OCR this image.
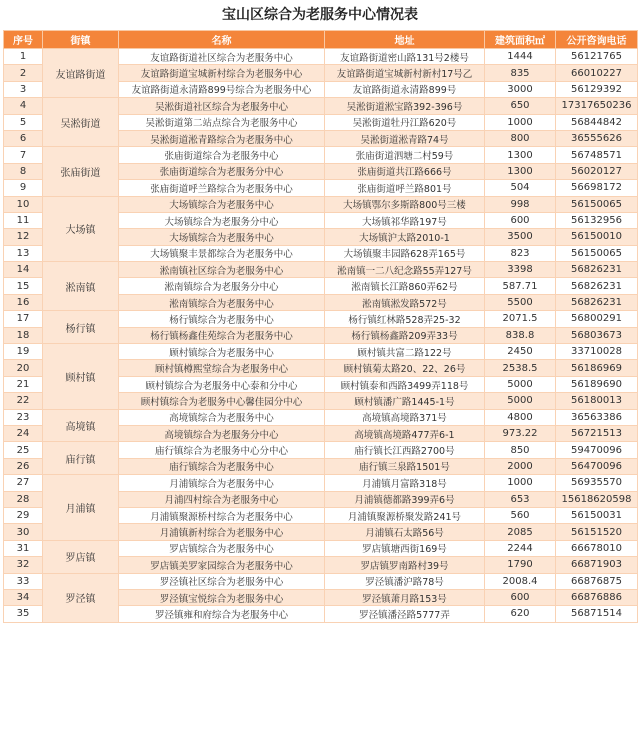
宝山区综合为老服务中心情况表
序号	街镇	名称	地址	建筑面积㎡	公开咨询电话
1	友谊路街道	友谊路街道社区综合为老服务中心	友谊路街道密山路131号2楼号	1444	56121765
2		友谊路街道宝城新村综合为老服务中心	友谊路街道宝城新村新村17号乙	835	66010227
3		友谊路街道永清路899号综合为老服务中心	友谊路街道永清路899号	3000	56129392
4	吴淞街道	吴淞街道社区综合为老服务中心	吴淞街道淞宝路392-396号	650	17317650236
5		吴淞街道第二站点综合为老服务中心	吴淞街道牡丹江路620号	1000	56844842
6		吴淞街道淞青路综合为老服务中心	吴淞街道淞青路74号	800	36555626
7	张庙街道	张庙街道综合为老服务中心	张庙街道泗塘二村59号	1300	56748571
8		张庙街道综合为老服务分中心	张庙街道共江路666号	1300	56020127
9		张庙街道呼兰路综合为老服务中心	张庙街道呼兰路801号	504	56698172
10	大场镇	大场镇综合为老服务中心	大场镇鄂尔多斯路800号三楼	998	56150065
11		大场镇综合为老服务分中心	大场镇祁华路197号	600	56132956
12		大场镇综合为老服务中心	大场镇沪太路2010-1	3500	56150010
13		大场镇聚丰景都综合为老服务中心	大场镇聚丰园路628弄165号	823	56150065
14	淞南镇	淞南镇社区综合为老服务中心	淞南镇一二八纪念路55弄127号	3398	56826231
15		淞南镇综合为老服务分中心	淞南镇长江路860弄62号	587.71	56826231
16		淞南镇综合为老服务中心	淞南镇淞发路572号	5500	56826231
17	杨行镇	杨行镇综合为老服务中心	杨行镇红林路528弄25-32	2071.5	56800291
18		杨行镇杨鑫佳苑综合为老服务中心	杨行镇杨鑫路209弄33号	838.8	56803673
19	顾村镇	顾村镇综合为老服务中心	顾村镇共富二路122号	2450	33710028
20		顾村镇樽熙堂综合为老服务中心	顾村镇菊太路20、22、26号	2538.5	56186969
21		顾村镇综合为老服务中心泰和分中心	顾村镇泰和西路3499弄118号	5000	56189690
22		顾村镇综合为老服务中心馨佳园分中心	顾村镇潘广路1445-1号	5000	56180013
23	高境镇	高境镇综合为老服务中心	高境镇高境路371号	4800	36563386
24		高境镇综合为老服务分中心	高境镇高境路477弄6-1	973.22	56721513
25	庙行镇	庙行镇综合为老服务中心分中心	庙行镇长江西路2700号	850	59470096
26		庙行镇综合为老服务中心	庙行镇三泉路1501号	2000	56470096
27	月浦镇	月浦镇综合为老服务中心	月浦镇月富路318号	1000	56935570
28		月浦四村综合为老服务中心	月浦镇德都路399弄6号	653	15618620598
29		月浦镇聚源桥村综合为老服务中心	月浦镇聚源桥聚发路241号	560	56150031
30		月浦镇新村综合为老服务中心	月浦镇石太路56号	2085	56151520
31	罗店镇	罗店镇综合为老服务中心	罗店镇塘西街169号	2244	66678010
32		罗店镇美罗家园综合为老服务中心	罗店镇罗南路村39号	1790	66871903
33	罗泾镇	罗泾镇社区综合为老服务中心	罗泾镇潘沪路78号	2008.4	66876875
34		罗泾镇宝悦综合为老服务中心	罗泾镇萧月路153号	600	66876886
35		罗泾镇雍和府综合为老服务中心	罗泾镇潘泾路5777弄	620	56871514
